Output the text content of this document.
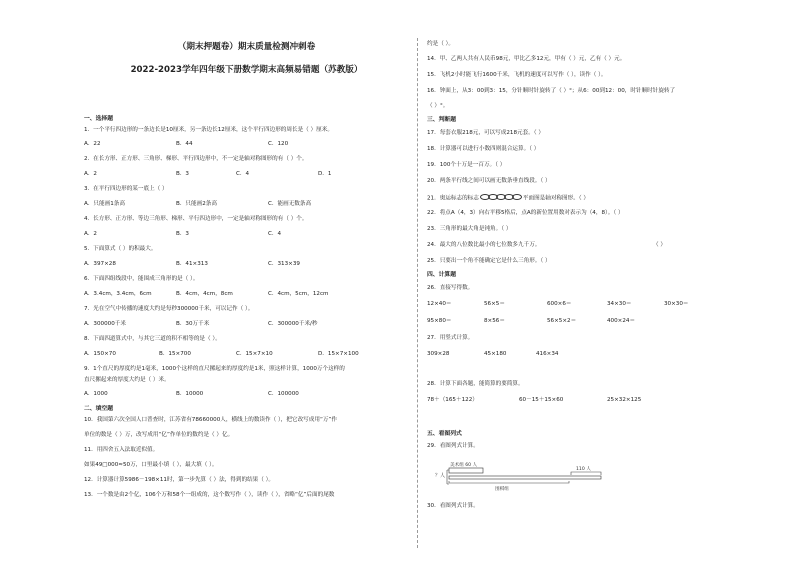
（期末押题卷）期末质量检测冲刺卷
2022-2023学年四年级下册数学期末高频易错题（苏教版）
一、选择题
1．一个平行四边形的一条边长是10厘米，另一条边长12厘米，这个平行四边形的周长是（ ）厘米。
A．22	B．44	C．120
2．在长方形、正方形、三角形、梯形、平行四边形中，不一定是轴对称图形的有（ ）个。
A．2	B．3	C．4	D．1
3．在平行四边形的某一底上（ ）
A．只能画1条高	B．只能画2条高	C．能画无数条高
4．长方形、正方形、等边三角形、梯形、平行四边形中，一定是轴对称图形的有（ ）个。
A．2	B．3	C．4
5．下面算式（ ）的积最大。
A．397×28	B．41×313	C．313×39
6．下面四组线段中，能围成三角形的是（ ）。
A．3.4cm，3.4cm，6cm	B．4cm，4cm，8cm	C．4cm，5cm，12cm
7．光在空气中传播的速度大约是每秒300000千米，可以记作（ ）。
A．300000千米	B．30万千米	C．300000千米/秒
8．下面四道算式中，与其它三道的积不相等的是（ ）。
A．150×70	B．15×700	C．15×7×10	D．15×7×100
9．1个直尺的厚度约是1毫米，1000个这样的直尺摞起来的厚度约是1米，照这样计算，1000万个这样的
直尺摞起来的厚度大约是（ ）米。
A．1000	B．10000	C．100000
二、填空题
10．我国第六次全国人口普查时，江苏省有78660000人，横线上的数读作（ ），把它改写成用“万”作
单位的数是（ ）万，改写成用“亿”作单位的数约是（ ）亿。
11．用四舍五入法取近似值。
如果49□000≈50万，口里最小填（ ），最大填（ ）。
12．计算器计算5986－198×11时，第一步先算（ ）法，得到的结果（ ）。
13．一个数是由2个亿，106个万和58个一组成的，这个数写作（ ），读作（ ），省略“亿”后面的尾数
约是（ ）。
14．甲、乙两人共有人民币98元，甲比乙多12元，甲有（ ）元，乙有（ ）元。
15．飞机2小时能飞行1600千米，飞机的速度可以写作（ ），读作（ ）。
16．钟面上，从3：00到3：15，分针顺时针旋转了（ ）°；从6：00到12：00，时针顺时针旋转了
（ ）°。
三、判断题
17．每套衣服218元，可以写成218元套。（ ）
18．计算器可以进行小数四则混合运算。（ ）
19．100个十万是一百万。（ ）
20．两条平行线之间可以画无数条垂直线段。（ ）
21．奥运标志的标志	平面图是轴对称图形。（ ）
22．将点A（4，3）向右平移5格后，点A的新位置用数对表示为（4，8）。（ ）
23．三角形的最大角是钝角。（ ）
24．最大的八位数比最小的七位数多九千万。	（ ）
25．只要出一个角不能确定它是什么三角形。（ ）
四、计算题
26．直接写得数。
12×40＝	56×5＝	600×6＝	34×30＝	30×30＝
95×80＝	8×56＝	56×5×2＝	400×24＝
27．用竖式计算。
309×28	45×180	416×34
28．计算下面各题，能简算的要简算。
78＋（165＋122）	60－15＋15×60	25×32×125
五、看图列式
29．看图列式计算。
？人
美术组 60 人
110 人
围棋组
30．看图列式计算。
